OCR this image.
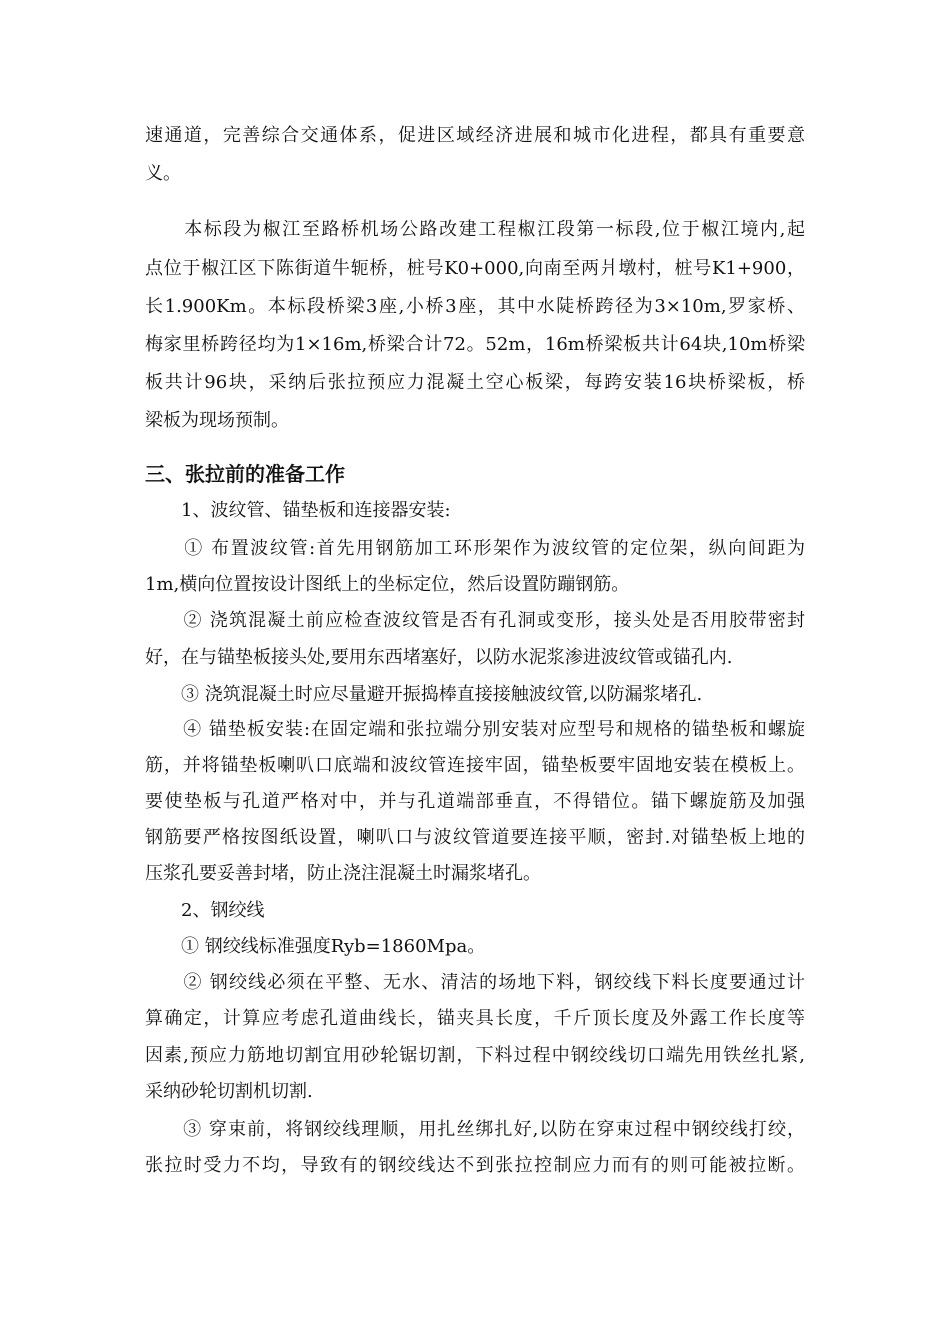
速通道，完善综合交通体系，促进区域经济进展和城市化进程，都具有重要意
义。
　　本标段为椒江至路桥机场公路改建工程椒江段第一标段,位于椒江境内,起
点位于椒江区下陈街道牛轭桥，桩号K0+000,向南至两爿墩村，桩号K1+900，
长1.900Km。本标段桥梁3座,小桥3座，其中水陡桥跨径为3×10m,罗家桥、
梅家里桥跨径均为1×16m,桥梁合计72。52m，16m桥梁板共计64块,10m桥梁
板共计96块，采纳后张拉预应力混凝土空心板梁，每跨安装16块桥梁板，桥
梁板为现场预制。
三、张拉前的准备工作
　　1、波纹管、锚垫板和连接器安装:
　　① 布置波纹管:首先用钢筋加工环形架作为波纹管的定位架，纵向间距为
1m,横向位置按设计图纸上的坐标定位，然后设置防蹦钢筋。
　　② 浇筑混凝土前应检查波纹管是否有孔洞或变形，接头处是否用胶带密封
好，在与锚垫板接头处,要用东西堵塞好，以防水泥浆渗进波纹管或锚孔内.
　　③ 浇筑混凝土时应尽量避开振捣棒直接接触波纹管,以防漏浆堵孔.
　　④ 锚垫板安装:在固定端和张拉端分别安装对应型号和规格的锚垫板和螺旋
筋，并将锚垫板喇叭口底端和波纹管连接牢固，锚垫板要牢固地安装在模板上。
要使垫板与孔道严格对中，并与孔道端部垂直，不得错位。锚下螺旋筋及加强
钢筋要严格按图纸设置，喇叭口与波纹管道要连接平顺，密封.对锚垫板上地的
压浆孔要妥善封堵，防止浇注混凝土时漏浆堵孔。
　　2、钢绞线
　　① 钢绞线标准强度Ryb=1860Mpa。
　　② 钢绞线必须在平整、无水、清洁的场地下料，钢绞线下料长度要通过计
算确定，计算应考虑孔道曲线长，锚夹具长度，千斤顶长度及外露工作长度等
因素,预应力筋地切割宜用砂轮锯切割，下料过程中钢绞线切口端先用铁丝扎紧,
采纳砂轮切割机切割.
　　③ 穿束前，将钢绞线理顺，用扎丝绑扎好,以防在穿束过程中钢绞线打绞，
张拉时受力不均，导致有的钢绞线达不到张拉控制应力而有的则可能被拉断。
